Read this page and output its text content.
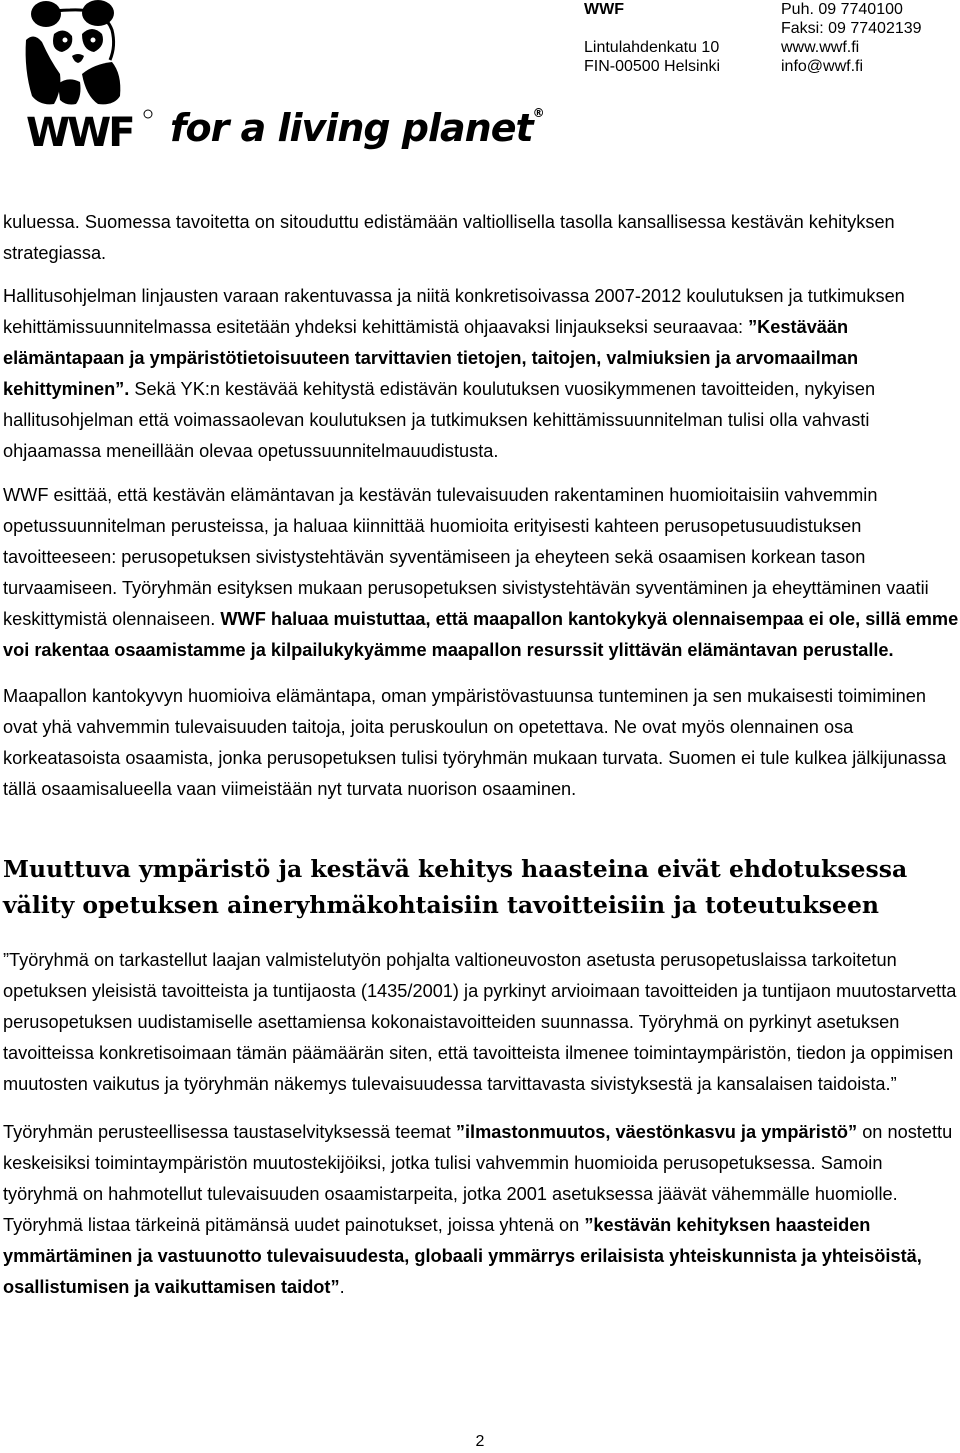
WWF for a living planet®
WWF

Lintulahdenkatu 10
FIN-00500 Helsinki
Puh. 09 7740100
Faksi: 09 77402139
www.wwf.fi
info@wwf.fi

kuluessa. Suomessa tavoitetta on sitouduttu edistämään valtiollisella tasolla kansallisessa kestävän kehityksen strategiassa.

Hallitusohjelman linjausten varaan rakentuvassa ja niitä konkretisoivassa 2007-2012 koulutuksen ja tutkimuksen kehittämissuunnitelmassa esitetään yhdeksi kehittämistä ohjaavaksi linjaukseksi seuraavaa: ”Kestävään elämäntapaan ja ympäristötietoisuuteen tarvittavien tietojen, taitojen, valmiuksien ja arvomaailman kehittyminen”. Sekä YK:n kestävää kehitystä edistävän koulutuksen vuosikymmenen tavoitteiden, nykyisen hallitusohjelman että voimassaolevan koulutuksen ja tutkimuksen kehittämissuunnitelman tulisi olla vahvasti ohjaamassa meneillään olevaa opetussuunnitelmauudistusta.

WWF esittää, että kestävän elämäntavan ja kestävän tulevaisuuden rakentaminen huomioitaisiin vahvemmin opetussuunnitelman perusteissa, ja haluaa kiinnittää huomioita erityisesti kahteen perusopetusuudistuksen tavoitteeseen: perusopetuksen sivistystehtävän syventämiseen ja eheyteen sekä osaamisen korkean tason turvaamiseen. Työryhmän esityksen mukaan perusopetuksen sivistystehtävän syventäminen ja eheyttäminen vaatii keskittymistä olennaiseen. WWF haluaa muistuttaa, että maapallon kantokykyä olennaisempaa ei ole, sillä emme voi rakentaa osaamistamme ja kilpailukykyämme maapallon resurssit ylittävän elämäntavan perustalle.

Maapallon kantokyvyn huomioiva elämäntapa, oman ympäristövastuunsa tunteminen ja sen mukaisesti toimiminen ovat yhä vahvemmin tulevaisuuden taitoja, joita peruskoulun on opetettava. Ne ovat myös olennainen osa korkeatasoista osaamista, jonka perusopetuksen tulisi työryhmän mukaan turvata. Suomen ei tule kulkea jälkijunassa tällä osaamisalueella vaan viimeistään nyt turvata nuorison osaaminen.

Muuttuva ympäristö ja kestävä kehitys haasteina eivät ehdotuksessa välity opetuksen aineryhmäkohtaisiin tavoitteisiin ja toteutukseen

”Työryhmä on tarkastellut laajan valmistelutyön pohjalta valtioneuvoston asetusta perusopetuslaissa tarkoitetun opetuksen yleisistä tavoitteista ja tuntijaosta (1435/2001) ja pyrkinyt arvioimaan tavoitteiden ja tuntijaon muutostarvetta perusopetuksen uudistamiselle asettamiensa kokonaistavoitteiden suunnassa. Työryhmä on pyrkinyt asetuksen tavoitteissa konkretisoimaan tämän päämäärän siten, että tavoitteista ilmenee toimintaympäristön, tiedon ja oppimisen muutosten vaikutus ja työryhmän näkemys tulevaisuudessa tarvittavasta sivistyksestä ja kansalaisen taidoista.”

Työryhmän perusteellisessa taustaselvityksessä teemat ”ilmastonmuutos, väestönkasvu ja ympäristö” on nostettu keskeisiksi toimintaympäristön muutostekijöiksi, jotka tulisi vahvemmin huomioida perusopetuksessa. Samoin työryhmä on hahmotellut tulevaisuuden osaamistarpeita, jotka 2001 asetuksessa jäävät vähemmälle huomiolle. Työryhmä listaa tärkeinä pitämänsä uudet painotukset, joissa yhtenä on ”kestävän kehityksen haasteiden ymmärtäminen ja vastuunotto tulevaisuudesta, globaali ymmärrys erilaisista yhteiskunnista ja yhteisöistä, osallistumisen ja vaikuttamisen taidot”.

2
